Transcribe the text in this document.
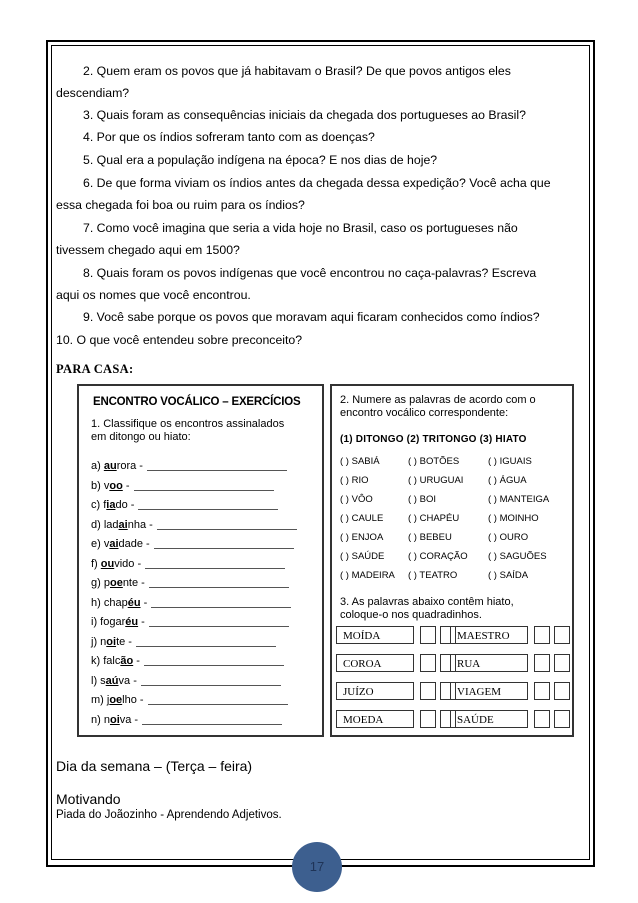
2. Quem eram os povos que já habitavam o Brasil? De que povos antigos eles
descendiam?
3. Quais foram as consequências iniciais da chegada dos portugueses ao Brasil?
4. Por que os índios sofreram tanto com as doenças?
5. Qual era a população indígena na época? E nos dias de hoje?
6. De que forma viviam os índios antes da chegada dessa expedição? Você acha que
essa chegada foi boa ou ruim para os índios?
7. Como você imagina que seria a vida hoje no Brasil, caso os portugueses não
tivessem chegado aqui em 1500?
8. Quais foram os povos indígenas que você encontrou no caça-palavras? Escreva
aqui os nomes que você encontrou.
9. Você sabe porque os povos que moravam aqui ficaram conhecidos como índios?
10. O que você entendeu sobre preconceito?
PARA CASA:
ENCONTRO VOCÁLICO – EXERCÍCIOS
1. Classifique os encontros assinalados
em ditongo ou hiato:
a) aurora -
b) voo -
c) fiado -
d) ladainha -
e) vaidade -
f) ouvido -
g) poente -
h) chapéu -
i) fogaréu -
j) noite -
k) falcão -
l) saúva -
m) joelho -
n) noiva -
2. Numere as palavras de acordo com o
encontro vocálico correspondente:
(1) DITONGO (2) TRITONGO (3) HIATO
( ) SABIÁ
( ) RIO
( ) VÔO
( ) CAULE
( ) ENJOA
( ) SAÚDE
( ) MADEIRA
( ) BOTÕES
( ) URUGUAI
( ) BOI
( ) CHAPÉU
( ) BEBEU
( ) CORAÇÃO
( ) TEATRO
( ) IGUAIS
( ) ÁGUA
( ) MANTEIGA
( ) MOINHO
( ) OURO
( ) SAGUÕES
( ) SAÍDA
3. As palavras abaixo contêm hiato,
coloque-o nos quadradinhos.
MOÍDA
COROA
JUÍZO
MOEDA
MAESTRO
RUA
VIAGEM
SAÚDE
Dia da semana – (Terça – feira)
Motivando
Piada do Joãozinho - Aprendendo Adjetivos.
17
